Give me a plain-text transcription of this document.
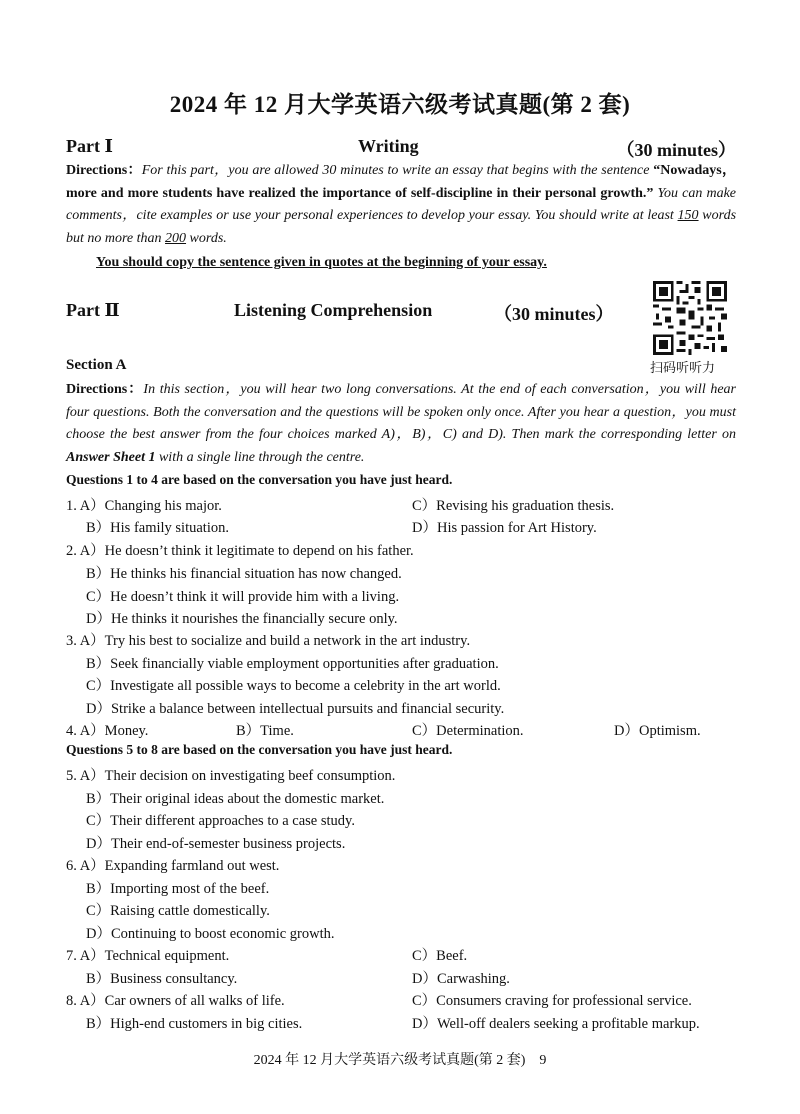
2024 年 12 月大学英语六级考试真题(第 2 套)
Part Ⅰ	Writing	（30 minutes）
Directions：For this part，you are allowed 30 minutes to write an essay that begins with the sentence “Nowadays，more and more students have realized the importance of self-discipline in their personal growth.” You can make comments，cite examples or use your personal experiences to develop your essay. You should write at least 150 words but no more than 200 words.
You should copy the sentence given in quotes at the beginning of your essay.
Part Ⅱ	Listening Comprehension	（30 minutes）
扫码听听力
Section A
Directions：In this section，you will hear two long conversations. At the end of each conversation，you will hear four questions. Both the conversation and the questions will be spoken only once. After you hear a question，you must choose the best answer from the four choices marked A)，B)，C) and D). Then mark the corresponding letter on Answer Sheet 1 with a single line through the centre.
Questions 1 to 4 are based on the conversation you have just heard.
1. A）Changing his major.	C）Revising his graduation thesis.
B）His family situation.	D）His passion for Art History.
2. A）He doesn’t think it legitimate to depend on his father.
B）He thinks his financial situation has now changed.
C）He doesn’t think it will provide him with a living.
D）He thinks it nourishes the financially secure only.
3. A）Try his best to socialize and build a network in the art industry.
B）Seek financially viable employment opportunities after graduation.
C）Investigate all possible ways to become a celebrity in the art world.
D）Strike a balance between intellectual pursuits and financial security.
4. A）Money.	B）Time.	C）Determination.	D）Optimism.
Questions 5 to 8 are based on the conversation you have just heard.
5. A）Their decision on investigating beef consumption.
B）Their original ideas about the domestic market.
C）Their different approaches to a case study.
D）Their end-of-semester business projects.
6. A）Expanding farmland out west.
B）Importing most of the beef.
C）Raising cattle domestically.
D）Continuing to boost economic growth.
7. A）Technical equipment.	C）Beef.
B）Business consultancy.	D）Carwashing.
8. A）Car owners of all walks of life.	C）Consumers craving for professional service.
B）High-end customers in big cities.	D）Well-off dealers seeking a profitable markup.
2024 年 12 月大学英语六级考试真题(第 2 套)　9
